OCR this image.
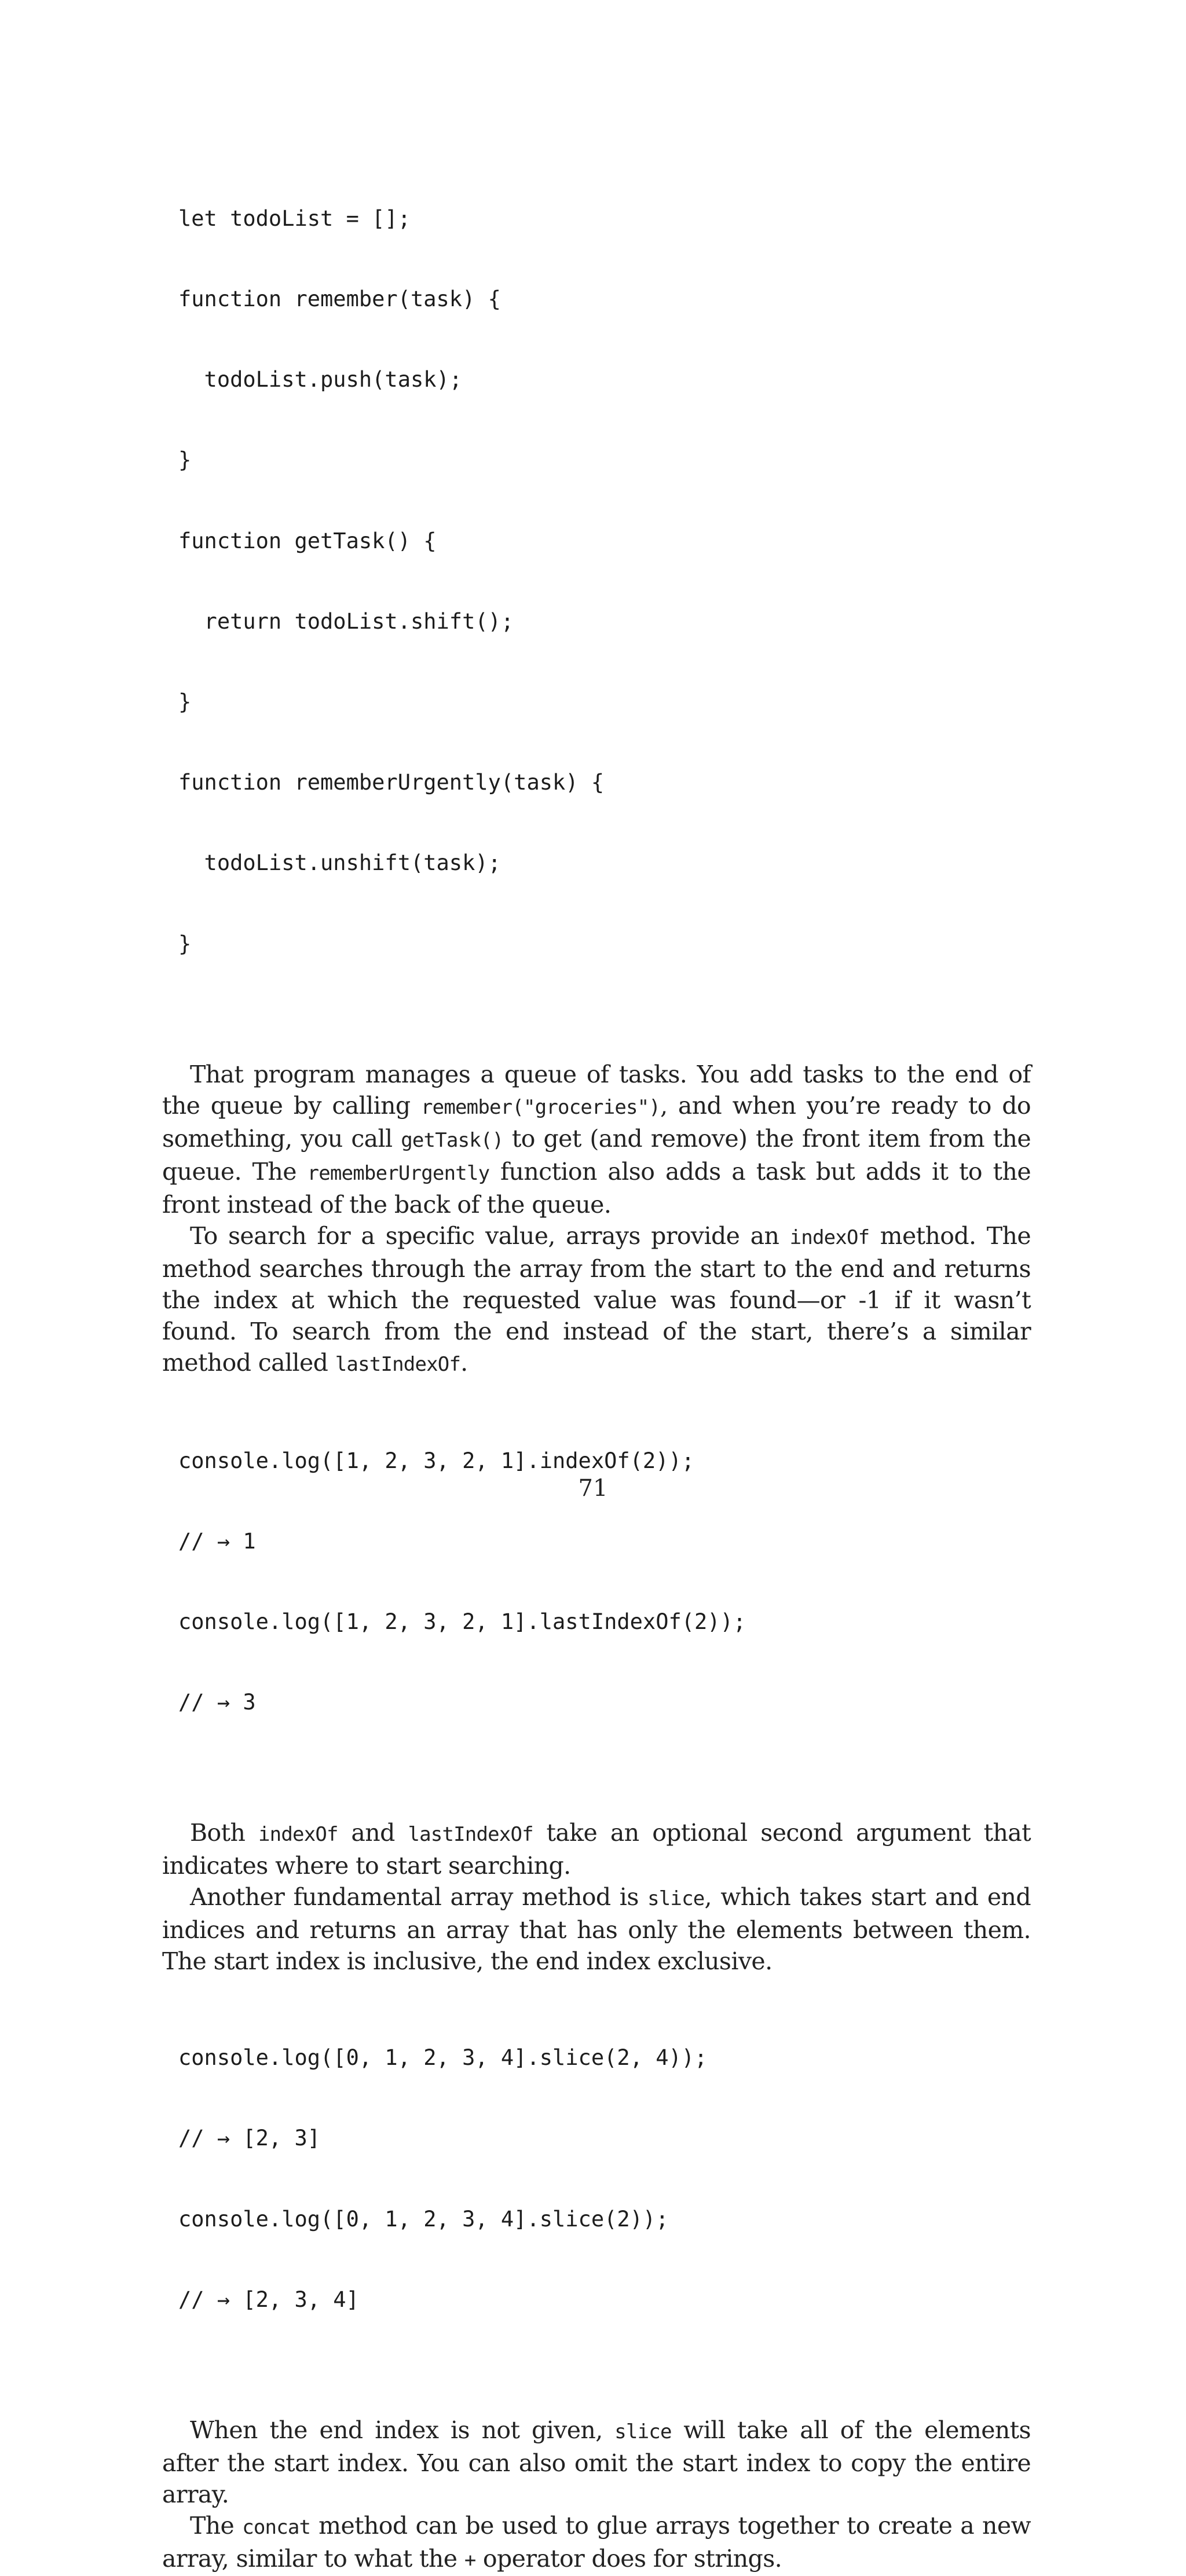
let todoList = [];

function remember(task) {

todoList.push(task);

}

function getTask() {

return todoList.shift();

}

function rememberUrgently(task) {

todoList.unshift(task);

}

That program manages a queue of tasks. You add tasks to the end of the queue by calling remember("groceries"), and when you’re ready to do something, you call getTask() to get (and remove) the front item from the queue. The rememberUrgently function also adds a task but adds it to the front instead of the back of the queue.

To search for a specific value, arrays provide an indexOf method. The method searches through the array from the start to the end and returns the index at which the requested value was found—or -1 if it wasn’t found. To search from the end instead of the start, there’s a similar method called lastIndexOf.

console.log([1, 2, 3, 2, 1].indexOf(2));

// → 1

console.log([1, 2, 3, 2, 1].lastIndexOf(2));

// → 3

Both indexOf and lastIndexOf take an optional second argument that indicates where to start searching.

Another fundamental array method is slice, which takes start and end indices and returns an array that has only the elements between them. The start index is inclusive, the end index exclusive.

console.log([0, 1, 2, 3, 4].slice(2, 4));

// → [2, 3]

console.log([0, 1, 2, 3, 4].slice(2));

// → [2, 3, 4]

When the end index is not given, slice will take all of the elements after the start index. You can also omit the start index to copy the entire array.

The concat method can be used to glue arrays together to create a new array, similar to what the + operator does for strings.

71
